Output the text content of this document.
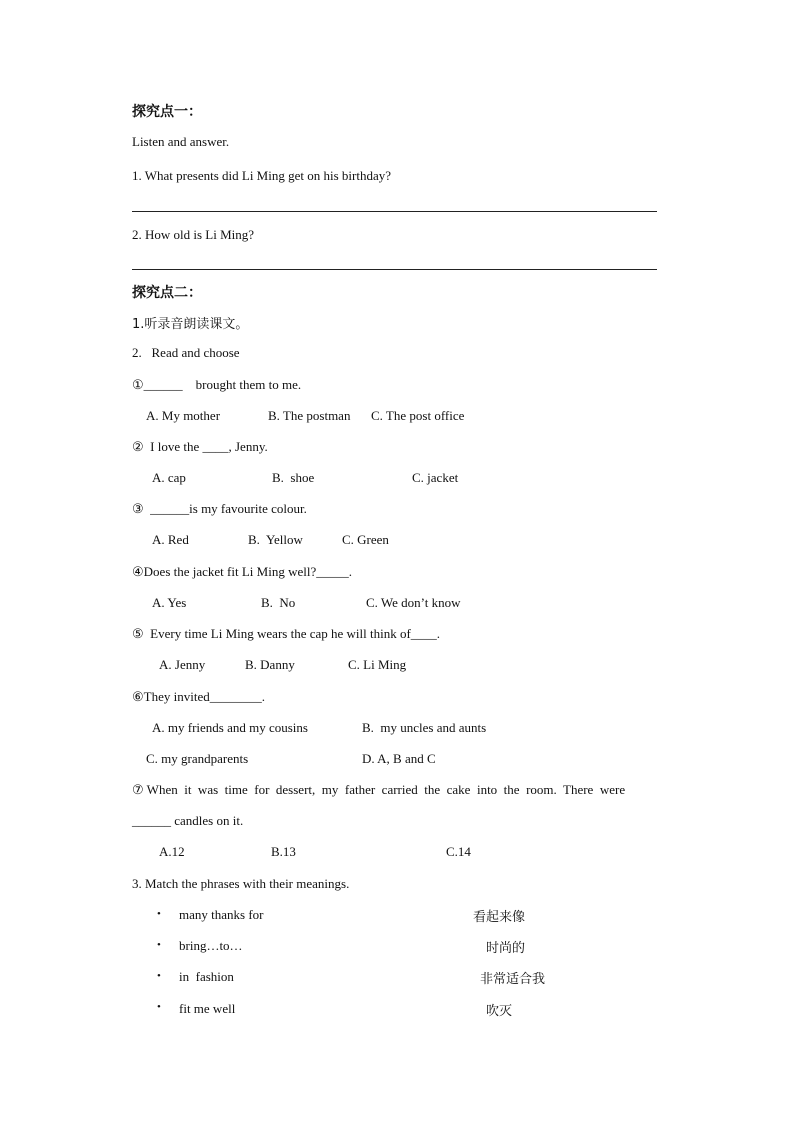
探究点一：
Listen and answer.
1. What presents did Li Ming get on his birthday?
2. How old is Li Ming?
探究点二：
1.听录音朗读课文。
2.   Read and choose
①______    brought them to me.
A. My mother	B. The postman C. The post office
②  I love the ____, Jenny.
A. cap	B.  shoe	C. jacket
③  ______is my favourite colour.
A. Red	B.  Yellow	C. Green
④Does the jacket fit Li Ming well?_____.
A. Yes	B.  No	C. We don’t know
⑤  Every time Li Ming wears the cap he will think of____.
A. Jenny	B. Danny	C. Li Ming
⑥They invited________.
A. my friends and my cousins	B.  my uncles and aunts
C. my grandparents	D. A, B and C
⑦ When  it  was  time  for  dessert,  my  father  carried  the  cake  into  the  room.  There  were
______ candles on it.
A.12	B.13	C.14
3. Match the phrases with their meanings.
• many thanks for	看起来像
• bring…to…	时尚的
• in  fashion	非常适合我
• fit me well	吹灭
